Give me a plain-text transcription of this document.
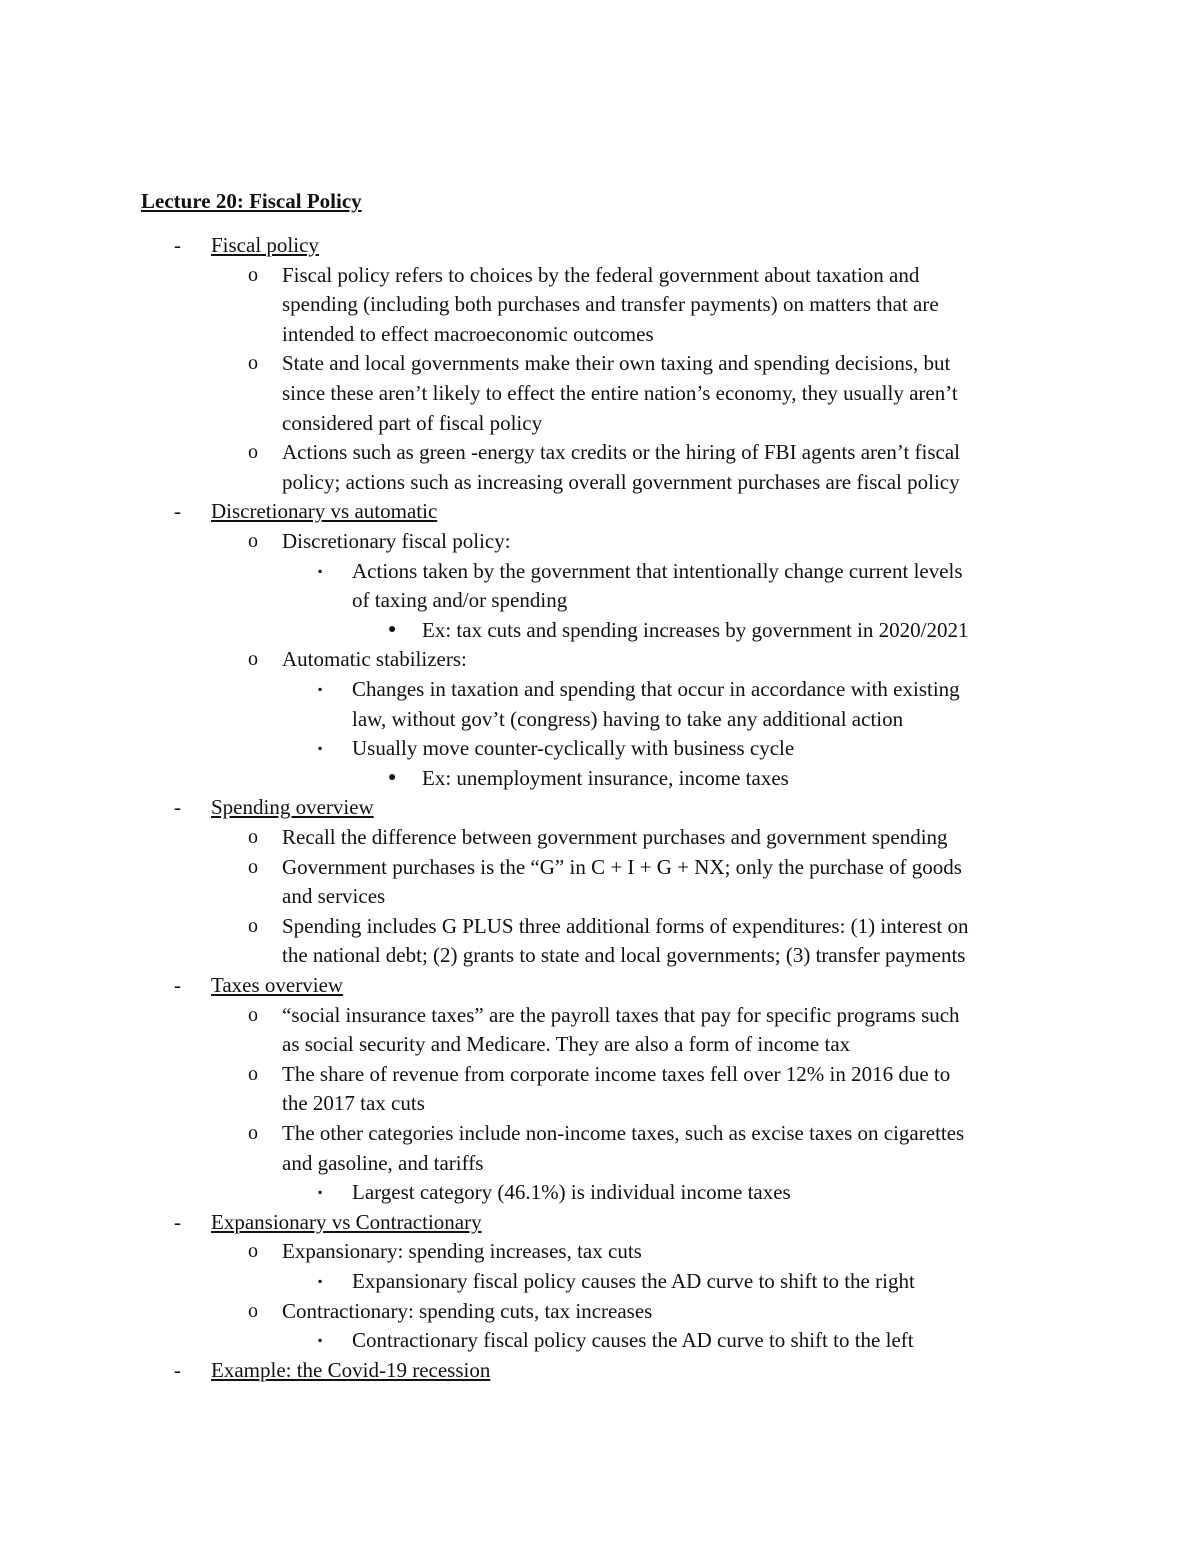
Lecture 20: Fiscal Policy
- Fiscal policy
o Fiscal policy refers to choices by the federal government about taxation and
spending (including both purchases and transfer payments) on matters that are
intended to effect macroeconomic outcomes
o State and local governments make their own taxing and spending decisions, but
since these aren’t likely to effect the entire nation’s economy, they usually aren’t
considered part of fiscal policy
o Actions such as green -energy tax credits or the hiring of FBI agents aren’t fiscal
policy; actions such as increasing overall government purchases are fiscal policy
- Discretionary vs automatic
o Discretionary fiscal policy:
▪ Actions taken by the government that intentionally change current levels
of taxing and/or spending
● Ex: tax cuts and spending increases by government in 2020/2021
o Automatic stabilizers:
▪ Changes in taxation and spending that occur in accordance with existing
law, without gov’t (congress) having to take any additional action
▪ Usually move counter-cyclically with business cycle
● Ex: unemployment insurance, income taxes
- Spending overview
o Recall the difference between government purchases and government spending
o Government purchases is the “G” in C + I + G + NX; only the purchase of goods
and services
o Spending includes G PLUS three additional forms of expenditures: (1) interest on
the national debt; (2) grants to state and local governments; (3) transfer payments
- Taxes overview
o “social insurance taxes” are the payroll taxes that pay for specific programs such
as social security and Medicare. They are also a form of income tax
o The share of revenue from corporate income taxes fell over 12% in 2016 due to
the 2017 tax cuts
o The other categories include non-income taxes, such as excise taxes on cigarettes
and gasoline, and tariffs
▪ Largest category (46.1%) is individual income taxes
- Expansionary vs Contractionary
o Expansionary: spending increases, tax cuts
▪ Expansionary fiscal policy causes the AD curve to shift to the right
o Contractionary: spending cuts, tax increases
▪ Contractionary fiscal policy causes the AD curve to shift to the left
- Example: the Covid-19 recession
